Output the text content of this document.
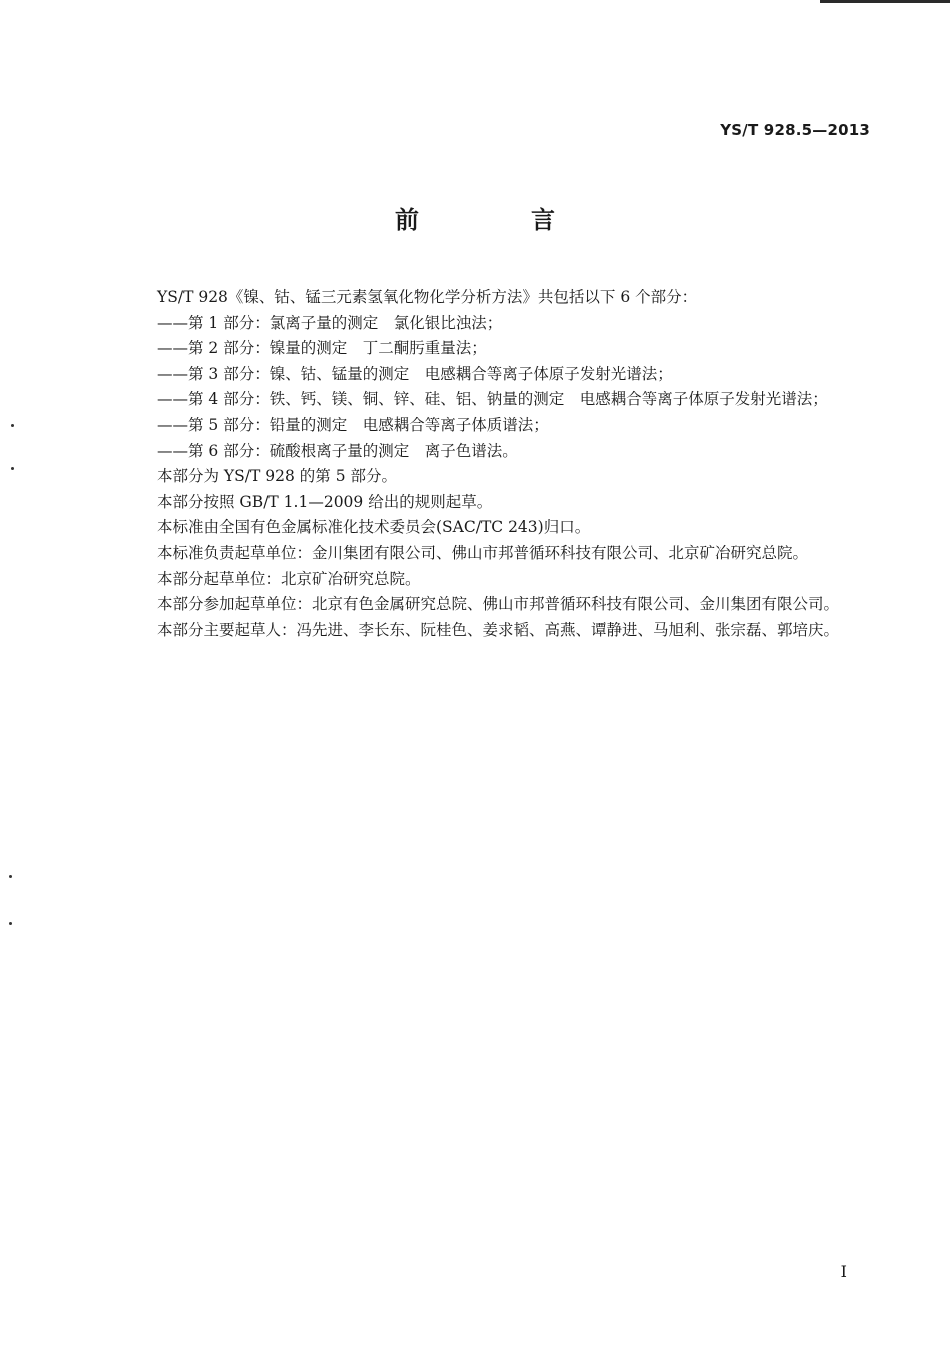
YS/T 928.5—2013
前　言
YS/T 928《镍、钴、锰三元素氢氧化物化学分析方法》共包括以下 6 个部分：
——第 1 部分：氯离子量的测定　氯化银比浊法；
——第 2 部分：镍量的测定　丁二酮肟重量法；
——第 3 部分：镍、钴、锰量的测定　电感耦合等离子体原子发射光谱法；
——第 4 部分：铁、钙、镁、铜、锌、硅、铝、钠量的测定　电感耦合等离子体原子发射光谱法；
——第 5 部分：铅量的测定　电感耦合等离子体质谱法；
——第 6 部分：硫酸根离子量的测定　离子色谱法。
本部分为 YS/T 928 的第 5 部分。
本部分按照 GB/T 1.1—2009 给出的规则起草。
本标准由全国有色金属标准化技术委员会(SAC/TC 243)归口。
本标准负责起草单位：金川集团有限公司、佛山市邦普循环科技有限公司、北京矿冶研究总院。
本部分起草单位：北京矿冶研究总院。
本部分参加起草单位：北京有色金属研究总院、佛山市邦普循环科技有限公司、金川集团有限公司。
本部分主要起草人：冯先进、李长东、阮桂色、姜求韬、高燕、谭静进、马旭利、张宗磊、郭培庆。
I
